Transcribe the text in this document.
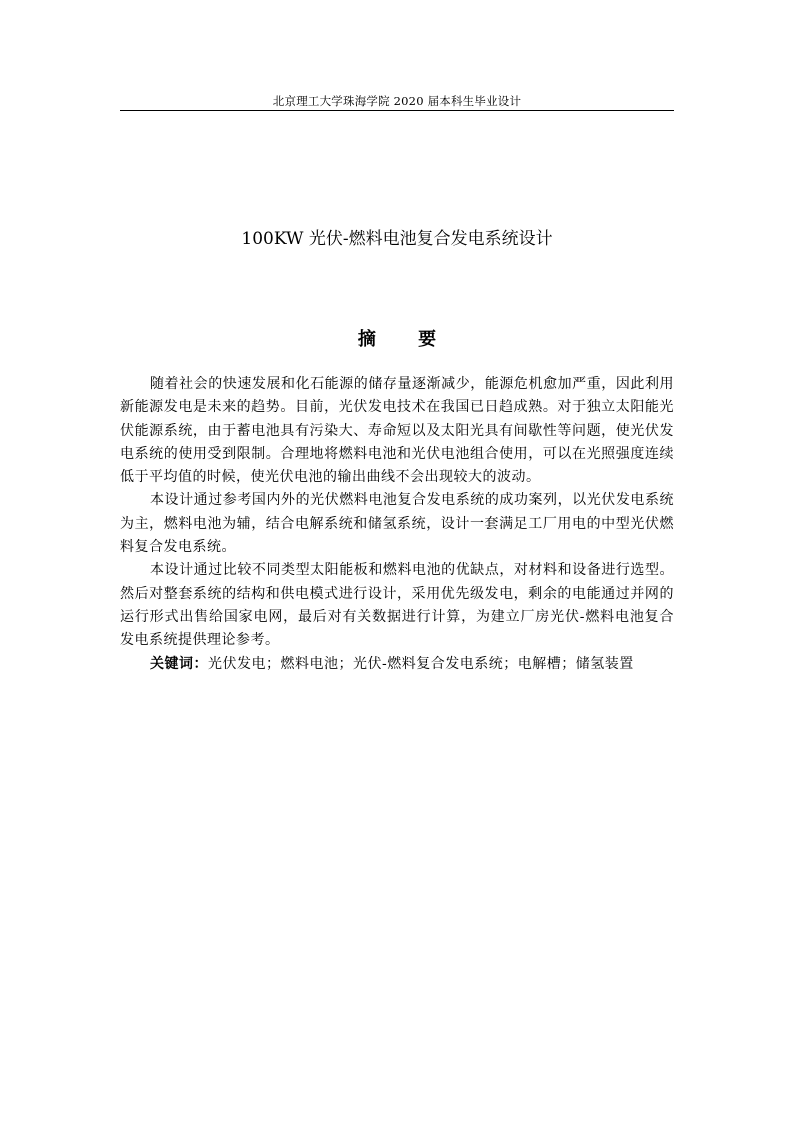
北京理工大学珠海学院 2020 届本科生毕业设计
100KW 光伏-燃料电池复合发电系统设计
摘 要

随着社会的快速发展和化石能源的储存量逐渐减少，能源危机愈加严重，因此利用新能源发电是未来的趋势。目前，光伏发电技术在我国已日趋成熟。对于独立太阳能光伏能源系统，由于蓄电池具有污染大、寿命短以及太阳光具有间歇性等问题，使光伏发电系统的使用受到限制。合理地将燃料电池和光伏电池组合使用，可以在光照强度连续低于平均值的时候，使光伏电池的输出曲线不会出现较大的波动。

本设计通过参考国内外的光伏燃料电池复合发电系统的成功案列，以光伏发电系统为主，燃料电池为辅，结合电解系统和储氢系统，设计一套满足工厂用电的中型光伏燃料复合发电系统。

本设计通过比较不同类型太阳能板和燃料电池的优缺点，对材料和设备进行选型。然后对整套系统的结构和供电模式进行设计，采用优先级发电，剩余的电能通过并网的运行形式出售给国家电网，最后对有关数据进行计算，为建立厂房光伏-燃料电池复合发电系统提供理论参考。

关键词：光伏发电；燃料电池；光伏-燃料复合发电系统；电解槽；储氢装置
